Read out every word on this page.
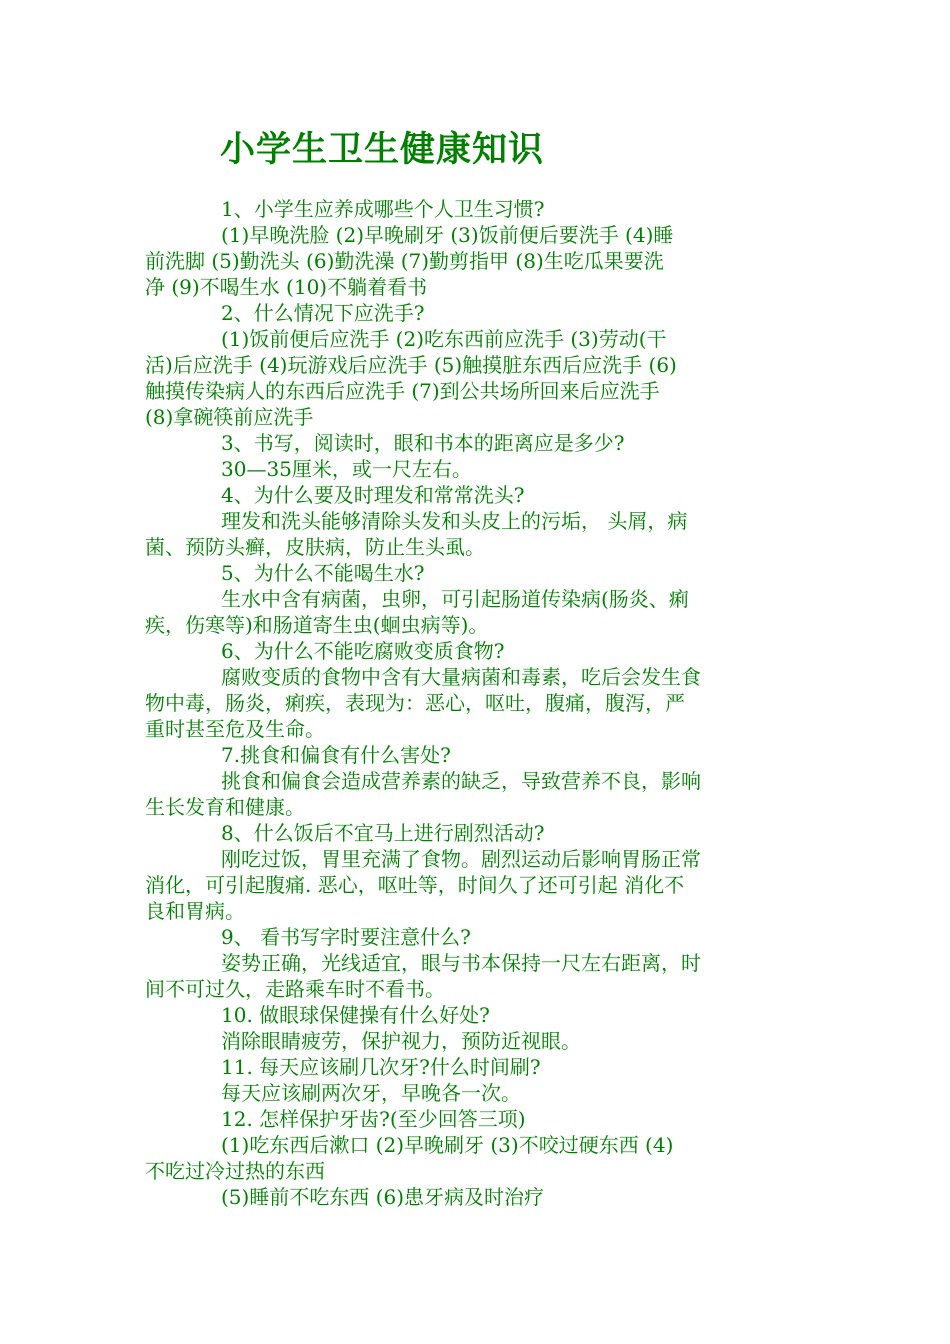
小学生卫生健康知识

1、小学生应养成哪些个人卫生习惯?

(1)早晚洗脸 (2)早晚刷牙 (3)饭前便后要洗手 (4)睡

前洗脚 (5)勤洗头 (6)勤洗澡 (7)勤剪指甲 (8)生吃瓜果要洗

净 (9)不喝生水 (10)不躺着看书

2、什么情况下应洗手?

(1)饭前便后应洗手 (2)吃东西前应洗手 (3)劳动(干

活)后应洗手 (4)玩游戏后应洗手 (5)触摸脏东西后应洗手 (6)

触摸传染病人的东西后应洗手 (7)到公共场所回来后应洗手

(8)拿碗筷前应洗手

3、书写，阅读时，眼和书本的距离应是多少?

30—35厘米，或一尺左右。

4、为什么要及时理发和常常洗头?

理发和洗头能够清除头发和头皮上的污垢， 头屑，病

菌、预防头癣，皮肤病，防止生头虱。

5、为什么不能喝生水?

生水中含有病菌，虫卵，可引起肠道传染病(肠炎、痢

疾，伤寒等)和肠道寄生虫(蛔虫病等)。

6、为什么不能吃腐败变质食物?

腐败变质的食物中含有大量病菌和毒素，吃后会发生食

物中毒，肠炎，痢疾，表现为：恶心，呕吐，腹痛，腹泻，严

重时甚至危及生命。

7.挑食和偏食有什么害处?

挑食和偏食会造成营养素的缺乏，导致营养不良，影响

生长发育和健康。

8、什么饭后不宜马上进行剧烈活动?

刚吃过饭，胃里充满了食物。剧烈运动后影响胃肠正常

消化，可引起腹痛. 恶心，呕吐等，时间久了还可引起 消化不

良和胃病。

9、 看书写字时要注意什么?

姿势正确，光线适宜，眼与书本保持一尺左右距离，时

间不可过久，走路乘车时不看书。

10. 做眼球保健操有什么好处?

消除眼睛疲劳，保护视力，预防近视眼。

11. 每天应该刷几次牙?什么时间刷?

每天应该刷两次牙，早晚各一次。

12. 怎样保护牙齿?(至少回答三项)

(1)吃东西后漱口 (2)早晚刷牙 (3)不咬过硬东西 (4)

不吃过冷过热的东西

(5)睡前不吃东西 (6)患牙病及时治疗
